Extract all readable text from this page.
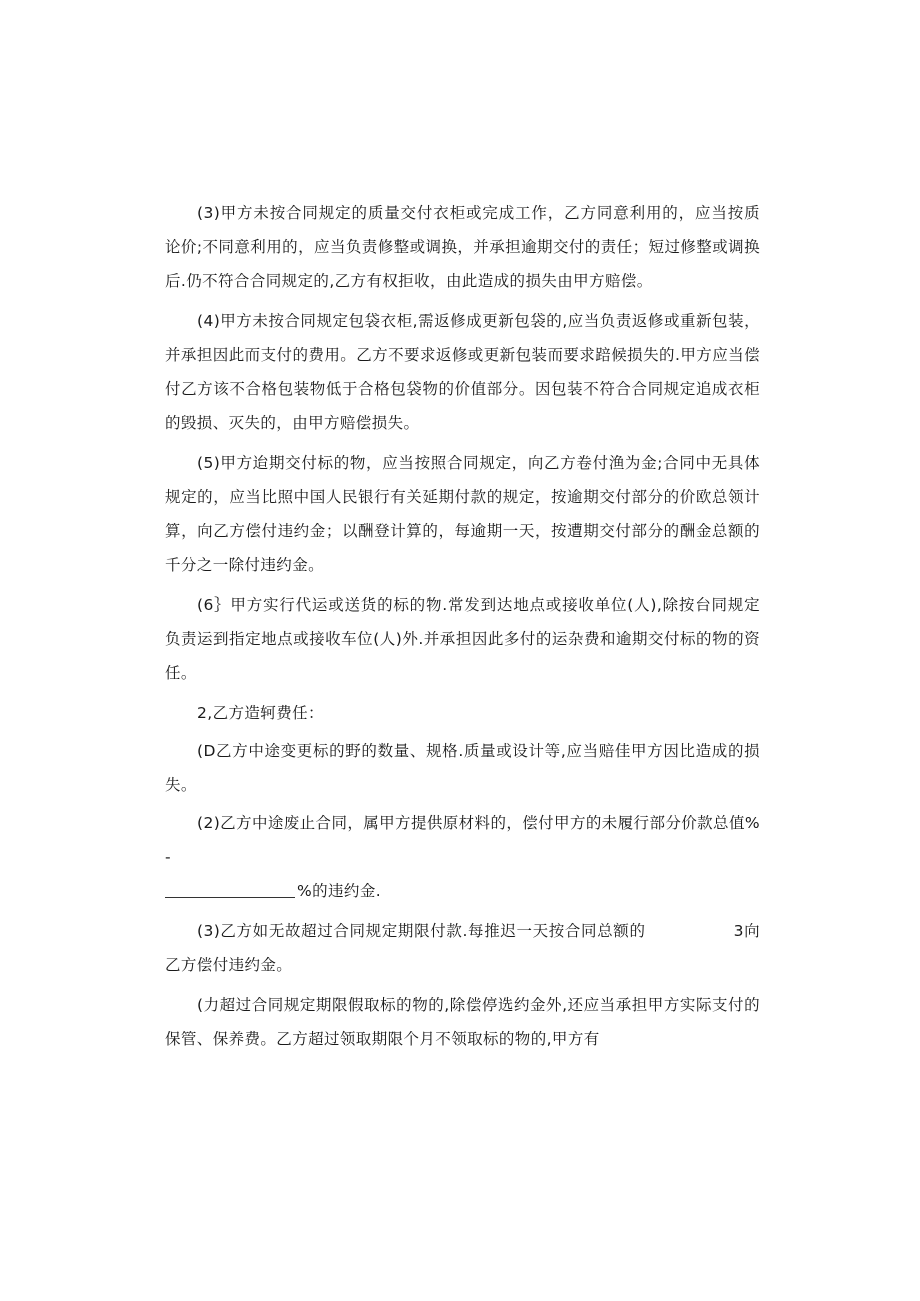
(3)甲方未按合同规定的质量交付衣柜或完成工作，乙方同意利用的，应当按质论价;不同意利用的，应当负责修整或调换，并承担逾期交付的责任；短过修整或调换后.仍不符合合同规定的,乙方有权拒收，由此造成的损失由甲方赔偿。

(4)甲方未按合同规定包袋衣柜,需返修成更新包袋的,应当负责返修或重新包装，并承担因此而支付的费用。乙方不要求返修或更新包装而要求踣候损失的.甲方应当偿付乙方该不合格包装物低于合格包袋物的价值部分。因包装不符合合同规定追成衣柜的毁损、灭失的，由甲方赔偿损失。

(5)甲方迨期交付标的物，应当按照合同规定，向乙方卷付渔为金;合同中无具体规定的，应当比照中国人民银行有关延期付款的规定，按逾期交付部分的价欧总领计算，向乙方偿付违约金；以酬登计算的，每逾期一天，按遭期交付部分的酬金总额的千分之一除付违约金。

(6｝甲方实行代运或送货的标的物.常发到达地点或接收单位(人),除按台同规定负责运到指定地点或接收车位(人)外.并承担因此多付的运杂费和逾期交付标的物的资任。

2,乙方造轲费任：

(D乙方中途变更标的野的数量、规格.质量或设计等,应当赔佳甲方因比造成的损失。

(2)乙方中途废止合同，属甲方提供原材料的，偿付甲方的未履行部分价款总值%-
%的违约金.

(3)乙方如无故超过合同规定期限付款.每推迟一天按合同总额的	3向乙方偿付违约金。

(力超过合同规定期限假取标的物的,除偿停选约金外,还应当承担甲方实际支付的保管、保养费。乙方超过领取期限个月不领取标的物的,甲方有
